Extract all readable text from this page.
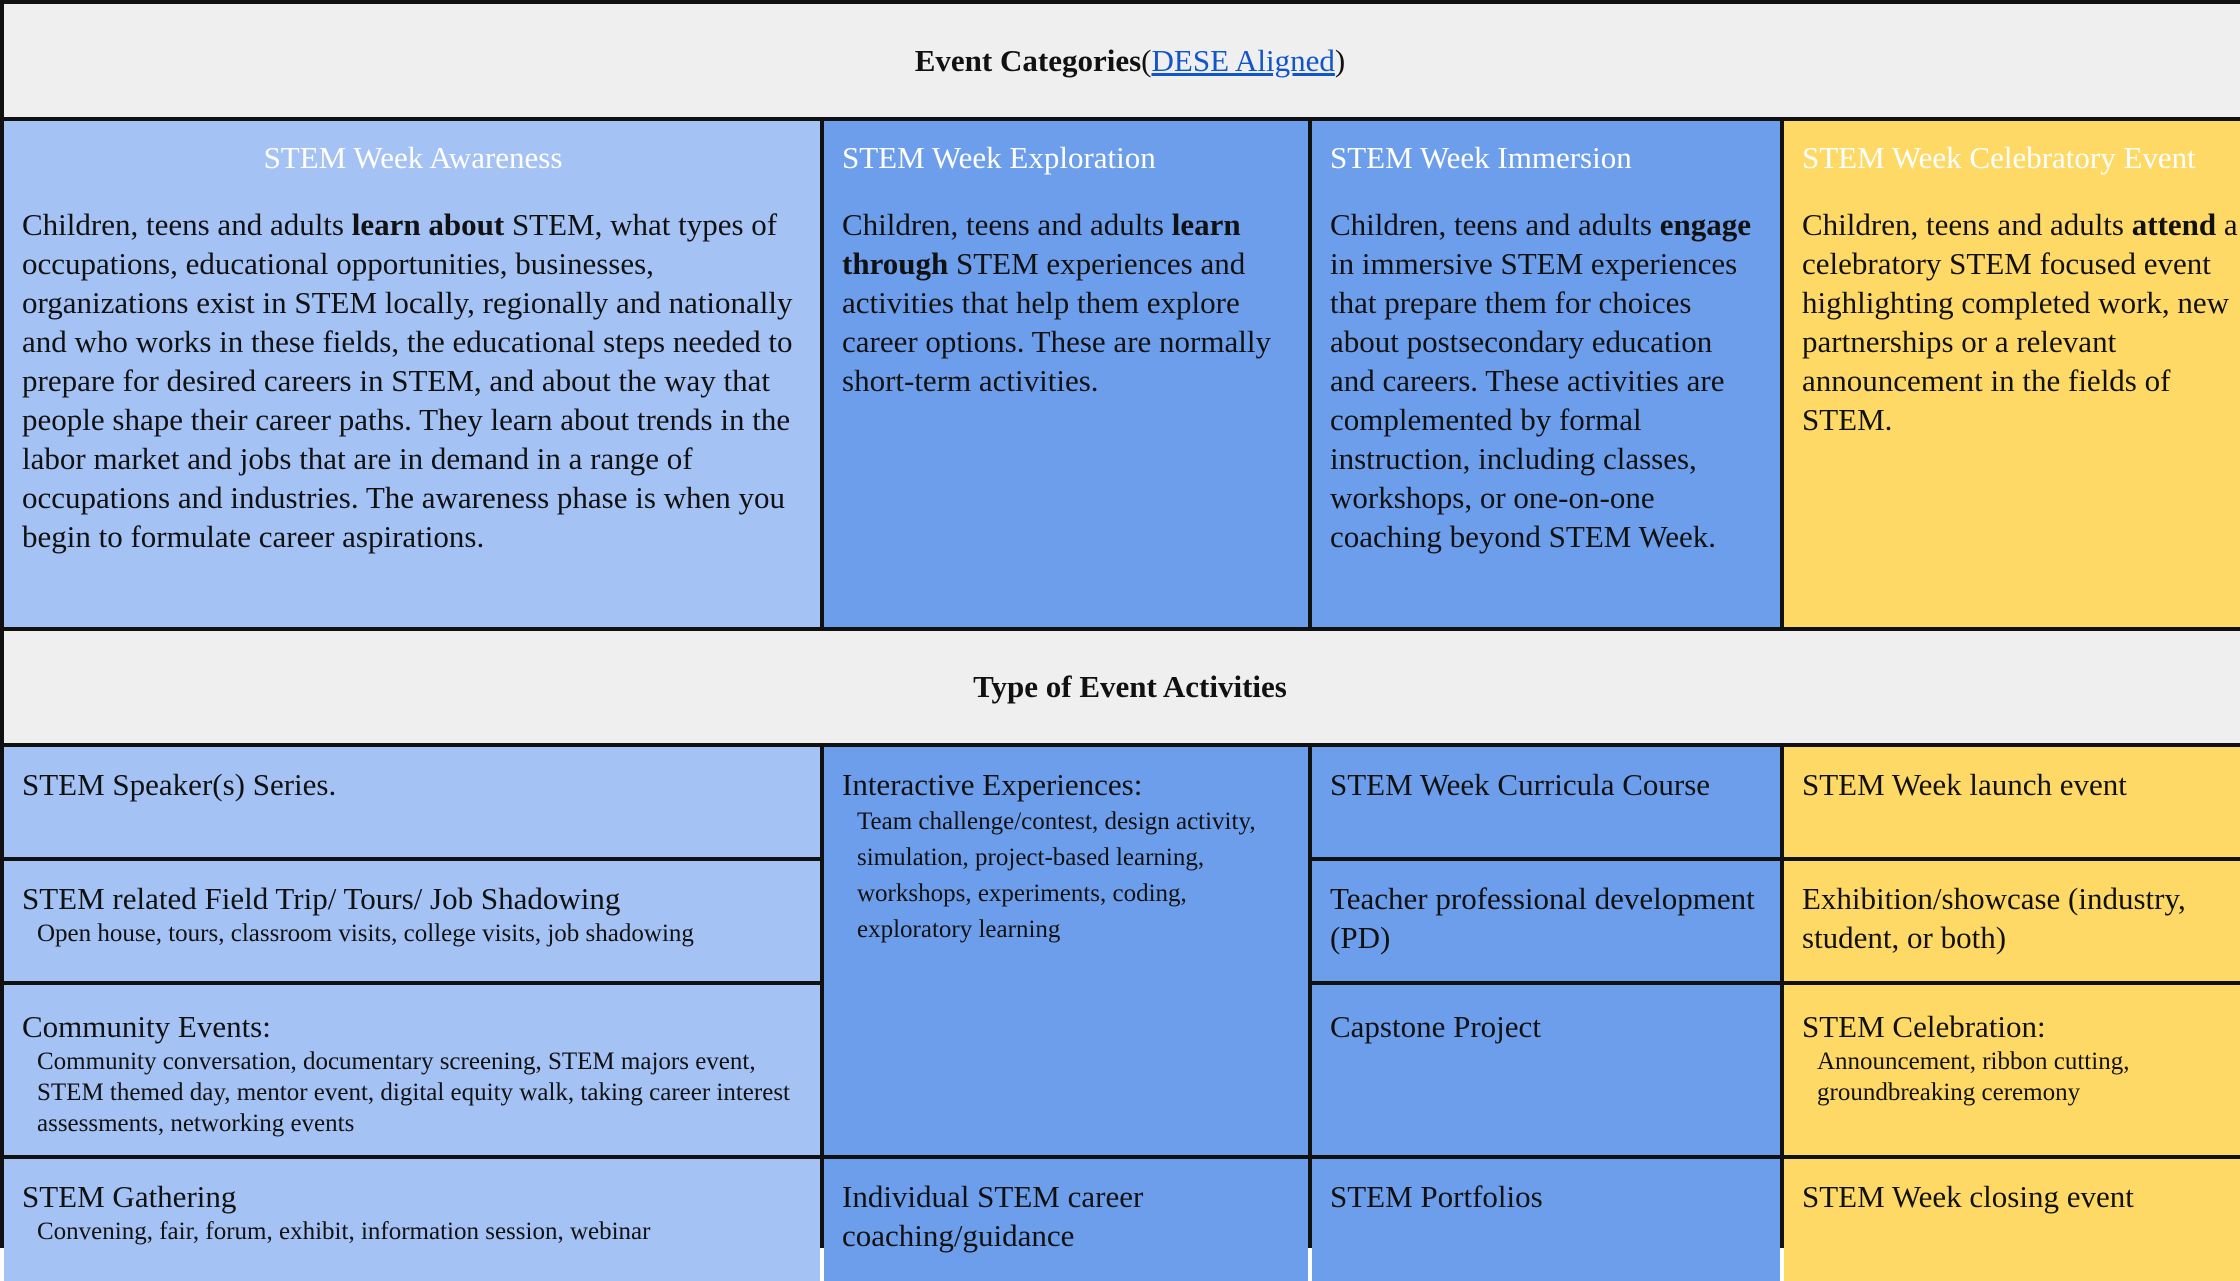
Event Categories ( DESE Aligned )
STEM Week Awareness
Children, teens and adults learn about STEM, what types of occupations, educational opportunities, businesses, organizations exist in STEM locally, regionally and nationally and who works in these fields, the educational steps needed to prepare for desired careers in STEM, and about the way that people shape their career paths. They learn about trends in the labor market and jobs that are in demand in a range of occupations and industries. The awareness phase is when you begin to formulate career aspirations.
STEM Week Exploration
Children, teens and adults learn through STEM experiences and activities that help them explore career options. These are normally short-term activities.
STEM Week Immersion
Children, teens and adults engage in immersive STEM experiences that prepare them for choices about postsecondary education and careers. These activities are complemented by formal instruction, including classes, workshops, or one-on-one coaching beyond STEM Week.
STEM Week Celebratory Event
Children, teens and adults attend a celebratory STEM focused event highlighting completed work, new partnerships or a relevant announcement in the fields of STEM.
Type of Event Activities
STEM Speaker(s) Series.
STEM related Field Trip/ Tours/ Job Shadowing
Open house, tours, classroom visits, college visits, job shadowing
Community Events:
Community conversation, documentary screening, STEM majors event, STEM themed day, mentor event, digital equity walk, taking career interest assessments, networking events
STEM Gathering
Convening, fair, forum, exhibit, information session, webinar
Interactive Experiences:
Team challenge/contest, design activity, simulation, project-based learning, workshops, experiments, coding, exploratory learning
Individual STEM career coaching/guidance
STEM Week Curricula Course
Teacher professional development (PD)
Capstone Project
STEM Portfolios
STEM Week launch event
Exhibition/showcase (industry, student, or both)
STEM Celebration:
Announcement, ribbon cutting, groundbreaking ceremony
STEM Week closing event
